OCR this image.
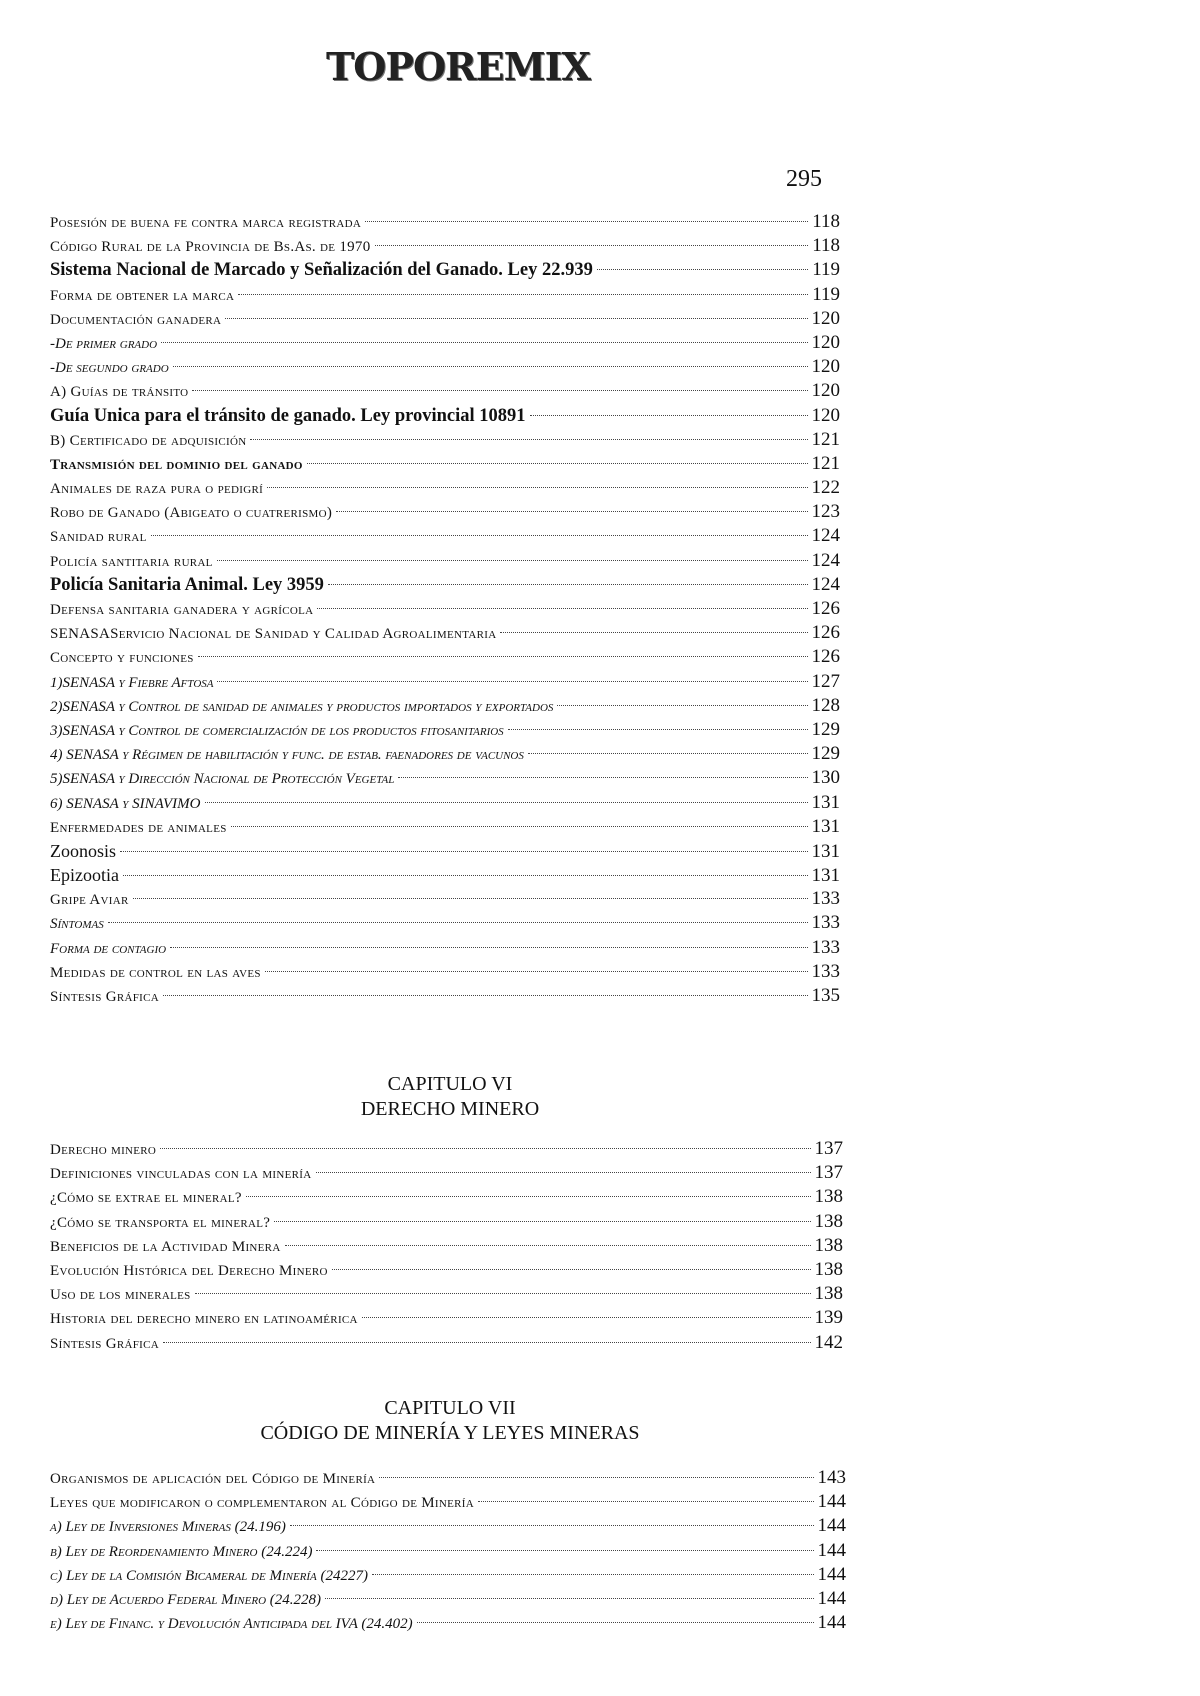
TOPOREMIX
295
Posesión de buena fe contra marca registrada	118
Código Rural de la Provincia de Bs.As. de 1970	118
Sistema Nacional de Marcado y Señalización del Ganado. Ley 22.939	119
Forma de obtener la marca	119
Documentación ganadera	120
-De primer grado	120
-De segundo grado	120
A) Guías de tránsito	120
Guía Unica para el tránsito de ganado. Ley provincial 10891	120
B) Certificado de adquisición	121
Transmisión del dominio del ganado	121
Animales de raza pura o pedigrí	122
Robo de Ganado (Abigeato o cuatrerismo)	123
Sanidad rural	124
Policía santitaria rural	124
Policía Sanitaria Animal. Ley 3959	124
Defensa sanitaria ganadera y agrícola	126
SENASAServicio Nacional de Sanidad y Calidad Agroalimentaria	126
Concepto y funciones	126
1)SENASA y Fiebre Aftosa	127
2)SENASA y Control de sanidad de animales y productos importados y exportados	128
3)SENASA y Control de comercialización de los productos fitosanitarios	129
4) SENASA y Régimen de habilitación y func. de estab. faenadores de vacunos	129
5)SENASA y Dirección Nacional de Protección Vegetal	130
6) SENASA y SINAVIMO	131
Enfermedades de animales	131
Zoonosis	131
Epizootia	131
Gripe Aviar	133
Síntomas	133
Forma de contagio	133
Medidas de control en las aves	133
Síntesis Gráfica	135
CAPITULO VI
DERECHO MINERO
Derecho minero	137
Definiciones vinculadas con la minería	137
¿Cómo se extrae el mineral?	138
¿Cómo se transporta el mineral?	138
Beneficios de la Actividad Minera	138
Evolución Histórica del Derecho Minero	138
Uso de los minerales	138
Historia del derecho minero en latinoamérica	139
Síntesis Gráfica	142
CAPITULO VII
CÓDIGO DE MINERÍA Y LEYES MINERAS
Organismos de aplicación del Código de Minería	143
Leyes que modificaron o complementaron al Código de Minería	144
a) Ley de Inversiones Mineras (24.196)	144
b) Ley de Reordenamiento Minero (24.224)	144
c) Ley de la Comisión Bicameral de Minería (24227)	144
d) Ley de Acuerdo Federal Minero (24.228)	144
e) Ley de Financ. y Devolución Anticipada del IVA (24.402)	144
